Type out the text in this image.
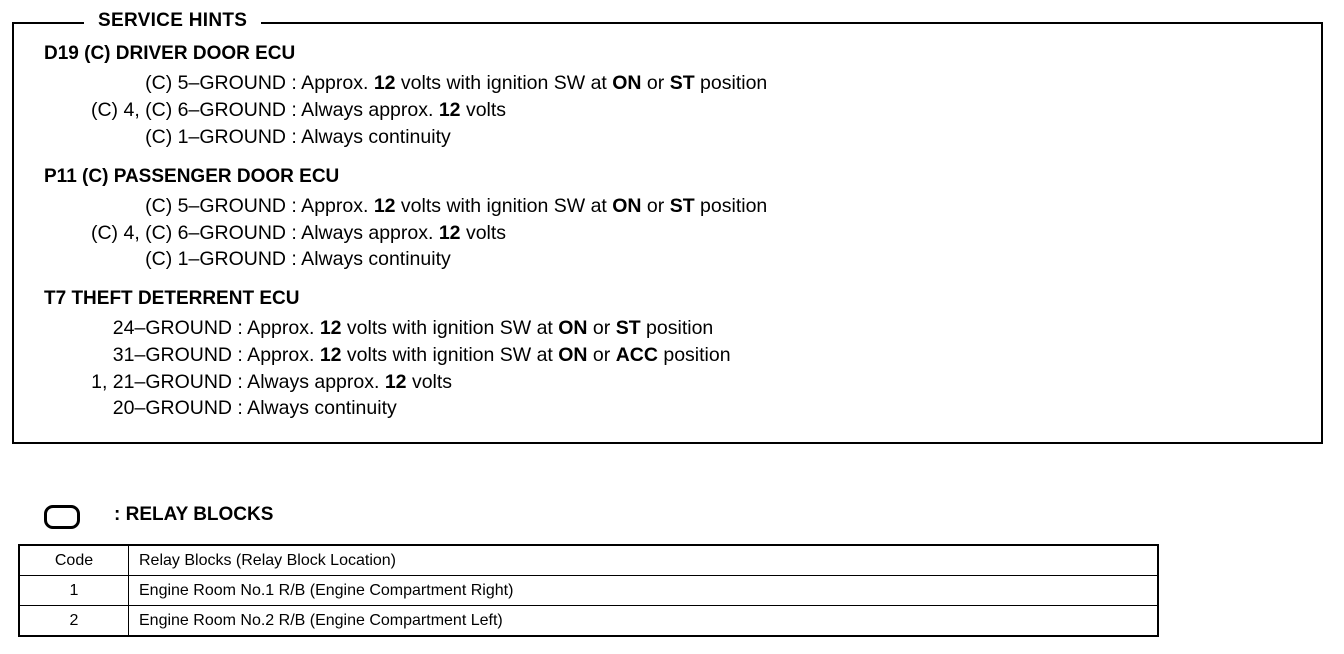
SERVICE HINTS
D19 (C) DRIVER DOOR ECU
(C) 5–GROUND : Approx. 12 volts with ignition SW at ON or ST position
(C) 4, (C) 6–GROUND : Always approx. 12 volts
(C) 1–GROUND : Always continuity
P11 (C) PASSENGER DOOR ECU
(C) 5–GROUND : Approx. 12 volts with ignition SW at ON or ST position
(C) 4, (C) 6–GROUND : Always approx. 12 volts
(C) 1–GROUND : Always continuity
T7 THEFT DETERRENT ECU
24–GROUND : Approx. 12 volts with ignition SW at ON or ST position
31–GROUND : Approx. 12 volts with ignition SW at ON or ACC position
1, 21–GROUND : Always approx. 12 volts
20–GROUND : Always continuity
: RELAY BLOCKS
Code	Relay Blocks (Relay Block Location)
1	Engine Room No.1 R/B (Engine Compartment Right)
2	Engine Room No.2 R/B (Engine Compartment Left)
